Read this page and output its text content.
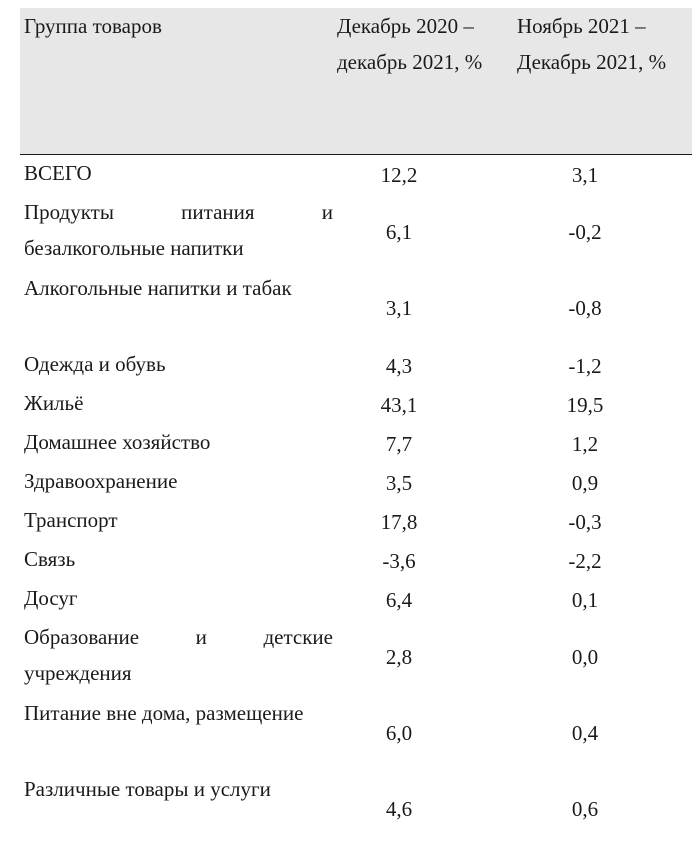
Группа товаров	Декабрь 2020 – декабрь 2021, %	Ноябрь 2021 – Декабрь 2021, %
ВСЕГО	12,2	3,1
Продукты питания и безалкогольные напитки	6,1	-0,2
Алкогольные напитки и табак	3,1	-0,8
Одежда и обувь	4,3	-1,2
Жильё	43,1	19,5
Домашнее хозяйство	7,7	1,2
Здравоохранение	3,5	0,9
Транспорт	17,8	-0,3
Связь	-3,6	-2,2
Досуг	6,4	0,1
Образование и детские учреждения	2,8	0,0
Питание вне дома, размещение	6,0	0,4
Различные товары и услуги	4,6	0,6
